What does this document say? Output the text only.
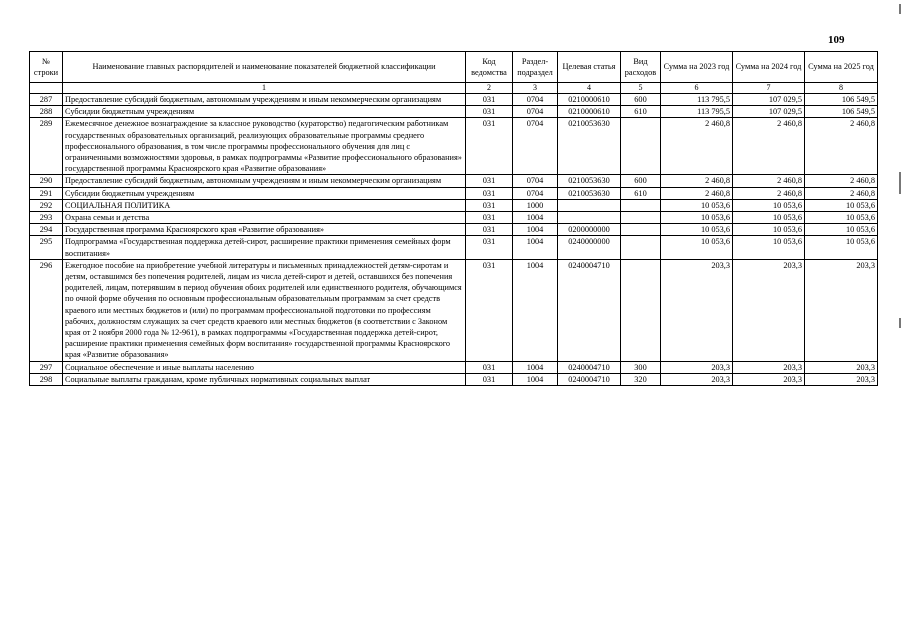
109
№ строки	Наименование главных распорядителей и наименование показателей бюджетной классификации	Код ведомства	Раздел-подраздел	Целевая статья	Вид расходов	Сумма на 2023 год	Сумма на 2024 год	Сумма на 2025 год
	1	2	3	4	5	6	7	8
287	Предоставление субсидий бюджетным, автономным учреждениям и иным некоммерческим организациям	031	0704	0210000610	600	113 795,5	107 029,5	106 549,5
288	Субсидии бюджетным учреждениям	031	0704	0210000610	610	113 795,5	107 029,5	106 549,5
289	Ежемесячное денежное вознаграждение за классное руководство (кураторство) педагогическим работникам государственных образовательных организаций, реализующих образовательные программы среднего профессионального образования, в том числе программы профессионального обучения для лиц с ограниченными возможностями здоровья, в рамках подпрограммы «Развитие профессионального образования» государственной программы Красноярского края «Развитие образования»	031	0704	0210053630		2 460,8	2 460,8	2 460,8
290	Предоставление субсидий бюджетным, автономным учреждениям и иным некоммерческим организациям	031	0704	0210053630	600	2 460,8	2 460,8	2 460,8
291	Субсидии бюджетным учреждениям	031	0704	0210053630	610	2 460,8	2 460,8	2 460,8
292	СОЦИАЛЬНАЯ ПОЛИТИКА	031	1000			10 053,6	10 053,6	10 053,6
293	Охрана семьи и детства	031	1004			10 053,6	10 053,6	10 053,6
294	Государственная программа Красноярского края «Развитие образования»	031	1004	0200000000		10 053,6	10 053,6	10 053,6
295	Подпрограмма «Государственная поддержка детей-сирот, расширение практики применения семейных форм воспитания»	031	1004	0240000000		10 053,6	10 053,6	10 053,6
296	Ежегодное пособие на приобретение учебной литературы и письменных принадлежностей детям-сиротам и детям, оставшимся без попечения родителей, лицам из числа детей-сирот и детей, оставшихся без попечения родителей, лицам, потерявшим в период обучения обоих родителей или единственного родителя, обучающимся по очной форме обучения по основным профессиональным образовательным программам за счет средств краевого или местных бюджетов и (или) по программам профессиональной подготовки по профессиям рабочих, должностям служащих за счет средств краевого или местных бюджетов (в соответствии с Законом края от 2 ноября 2000 года № 12-961), в рамках подпрограммы «Государственная поддержка детей-сирот, расширение практики применения семейных форм воспитания» государственной программы Красноярского края «Развитие образования»	031	1004	0240004710		203,3	203,3	203,3
297	Социальное обеспечение и иные выплаты населению	031	1004	0240004710	300	203,3	203,3	203,3
298	Социальные выплаты гражданам, кроме публичных нормативных социальных выплат	031	1004	0240004710	320	203,3	203,3	203,3
